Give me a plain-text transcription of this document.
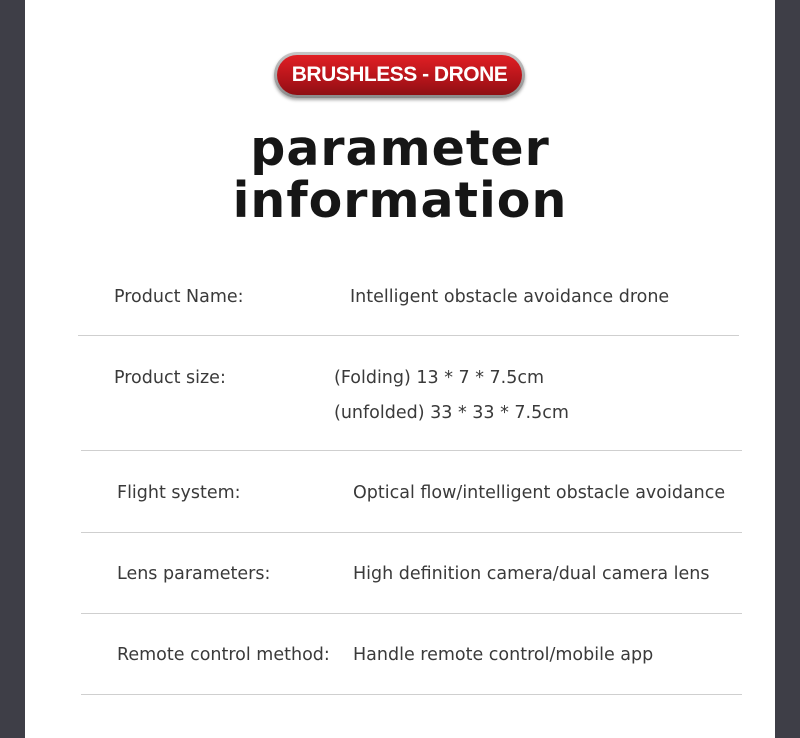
BRUSHLESS - DRONE
parameter
information
Product Name:	Intelligent obstacle avoidance drone
Product size:	(Folding) 13 * 7 * 7.5cm
(unfolded) 33 * 33 * 7.5cm
Flight system:	Optical flow/intelligent obstacle avoidance
Lens parameters:	High definition camera/dual camera lens
Remote control method: Handle remote control/mobile app
